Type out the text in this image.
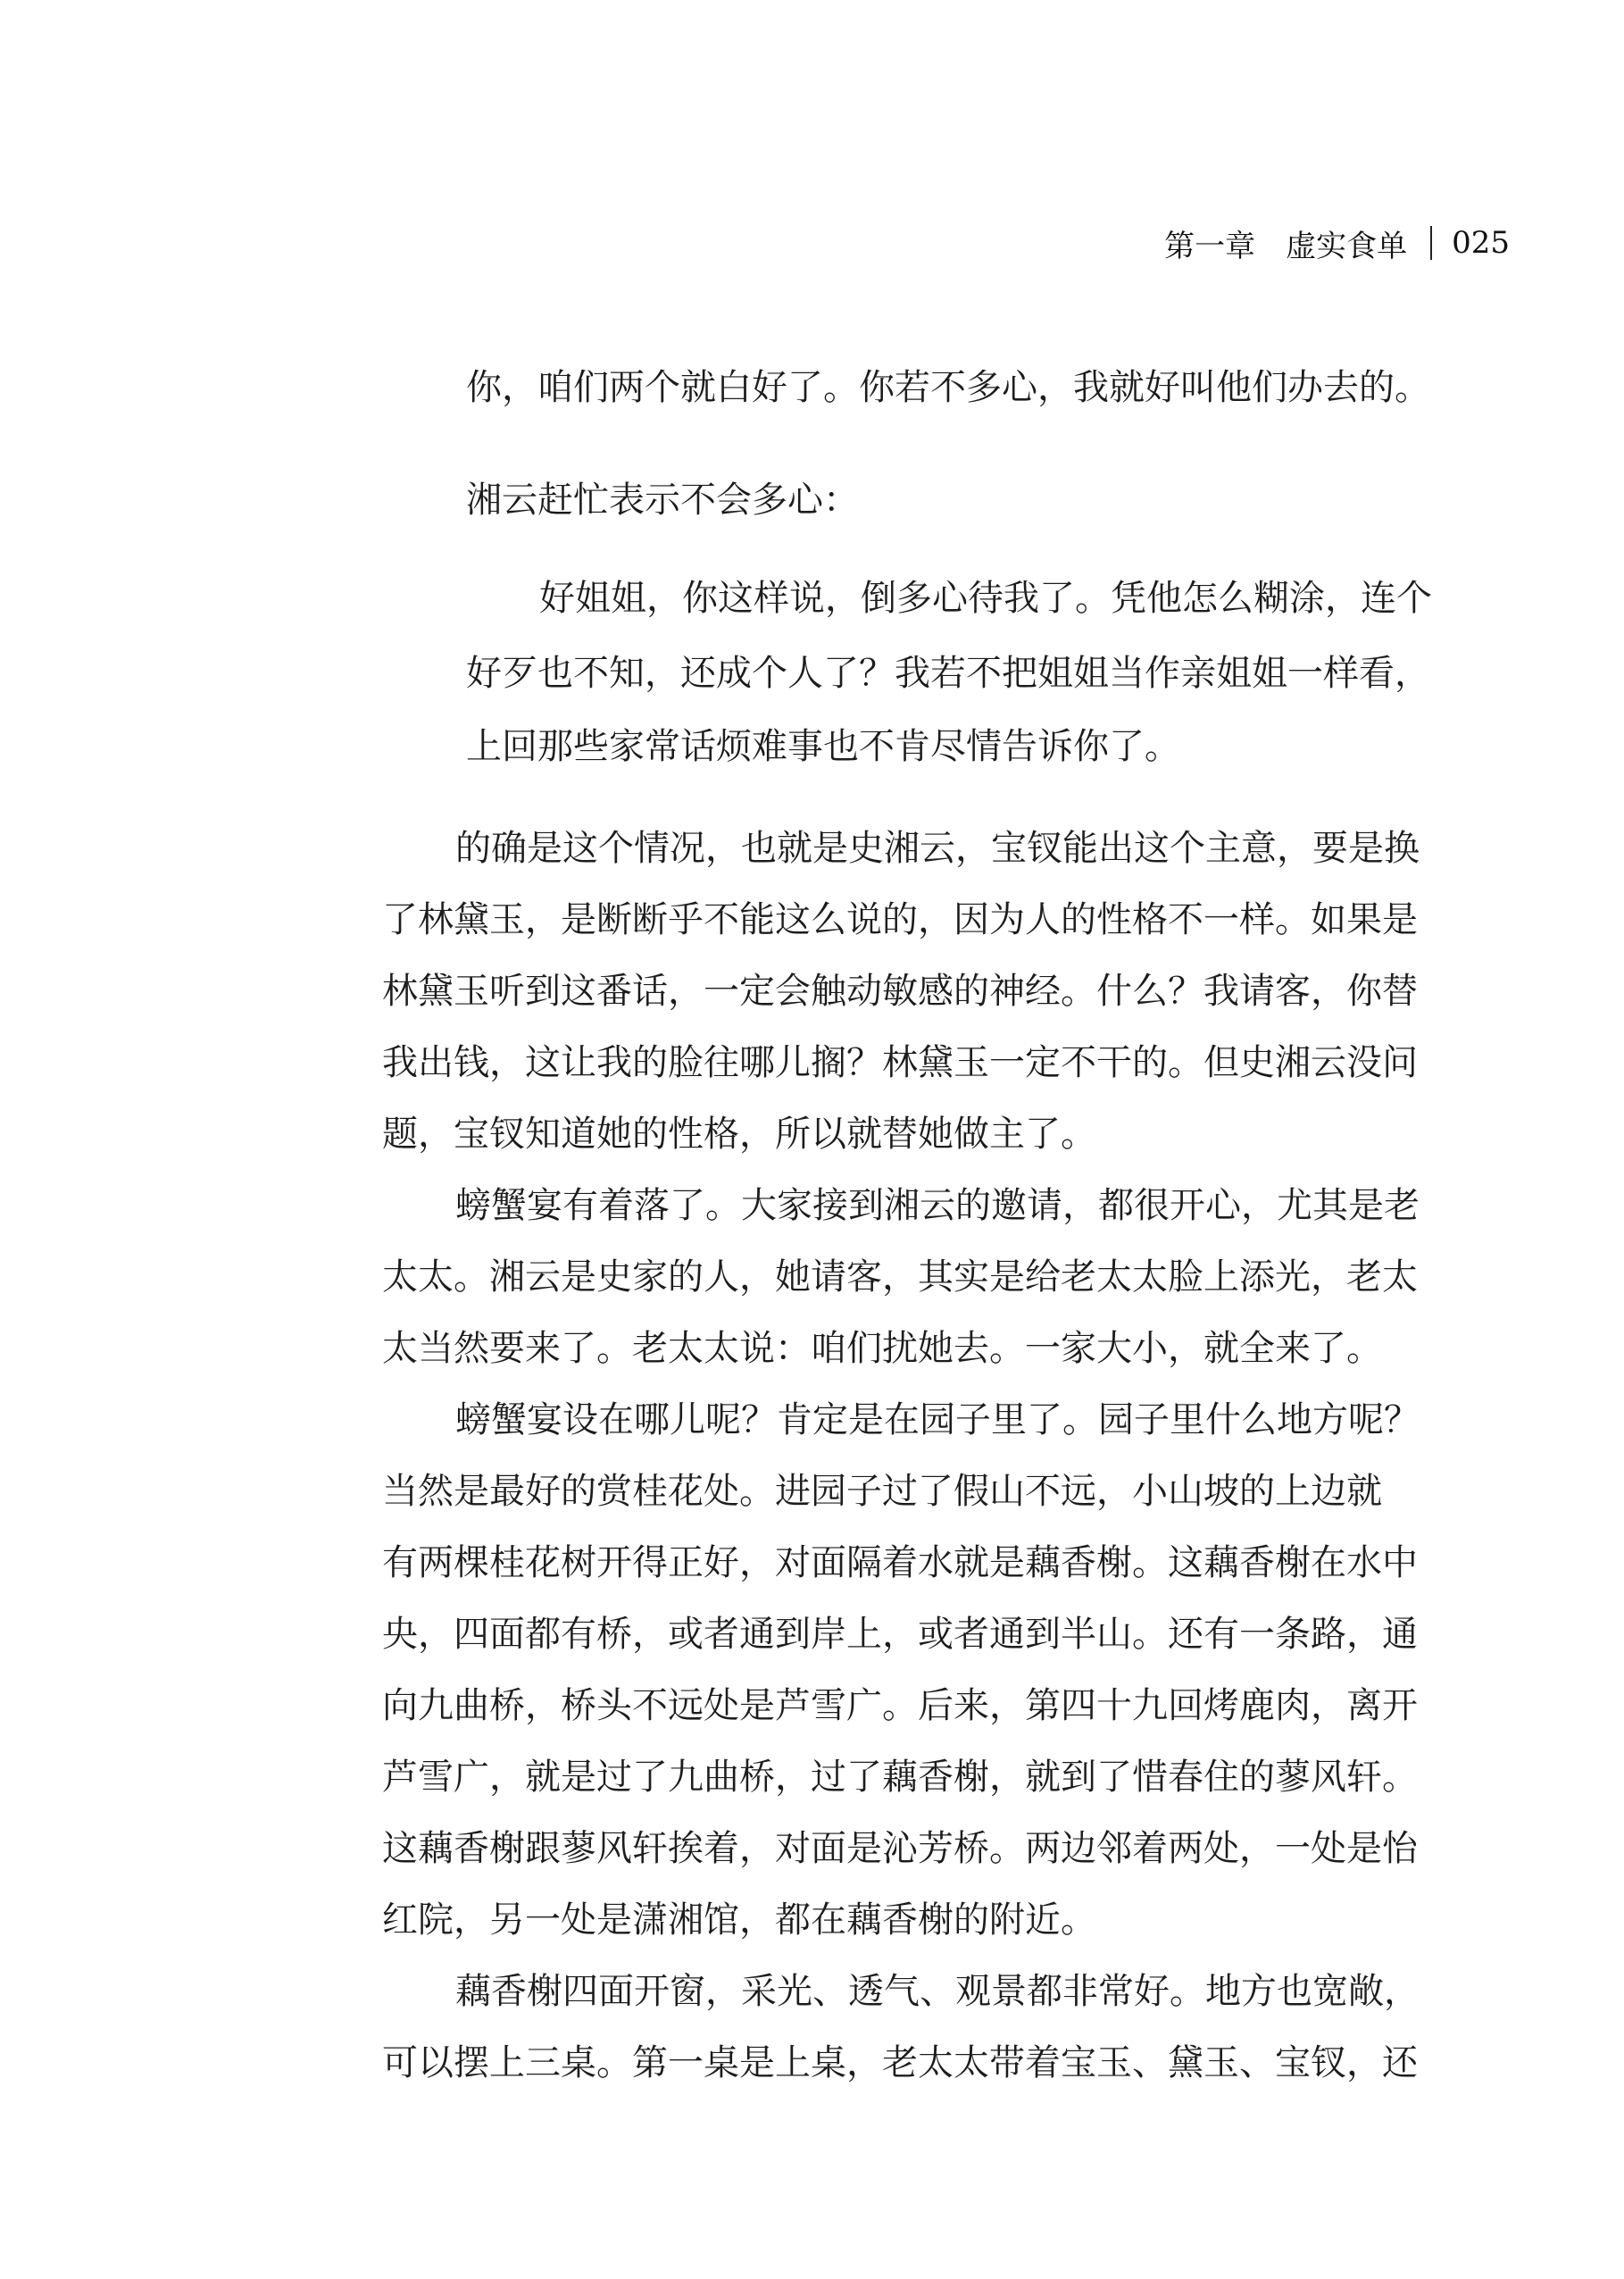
第一章 虚实食单 025
你，咱们两个就白好了。你若不多心，我就好叫他们办去的。
湘云赶忙表示不会多心：
好姐姐，你这样说，倒多心待我了。凭他怎么糊涂，连个
好歹也不知，还成个人了？我若不把姐姐当作亲姐姐一样看，
上回那些家常话烦难事也不肯尽情告诉你了。
的确是这个情况，也就是史湘云，宝钗能出这个主意，要是换
了林黛玉，是断断乎不能这么说的，因为人的性格不一样。如果是
林黛玉听到这番话，一定会触动敏感的神经。什么？我请客，你替
我出钱，这让我的脸往哪儿搁？林黛玉一定不干的。但史湘云没问
题，宝钗知道她的性格，所以就替她做主了。
螃蟹宴有着落了。大家接到湘云的邀请，都很开心，尤其是老
太太。湘云是史家的人，她请客，其实是给老太太脸上添光，老太
太当然要来了。老太太说：咱们扰她去。一家大小，就全来了。
螃蟹宴设在哪儿呢？肯定是在园子里了。园子里什么地方呢？
当然是最好的赏桂花处。进园子过了假山不远，小山坡的上边就
有两棵桂花树开得正好，对面隔着水就是藕香榭。这藕香榭在水中
央，四面都有桥，或者通到岸上，或者通到半山。还有一条路，通
向九曲桥，桥头不远处是芦雪广。后来，第四十九回烤鹿肉，离开
芦雪广，就是过了九曲桥，过了藕香榭，就到了惜春住的蓼风轩。
这藕香榭跟蓼风轩挨着，对面是沁芳桥。两边邻着两处，一处是怡
红院，另一处是潇湘馆，都在藕香榭的附近。
藕香榭四面开窗，采光、透气、观景都非常好。地方也宽敞，
可以摆上三桌。第一桌是上桌，老太太带着宝玉、黛玉、宝钗，还
